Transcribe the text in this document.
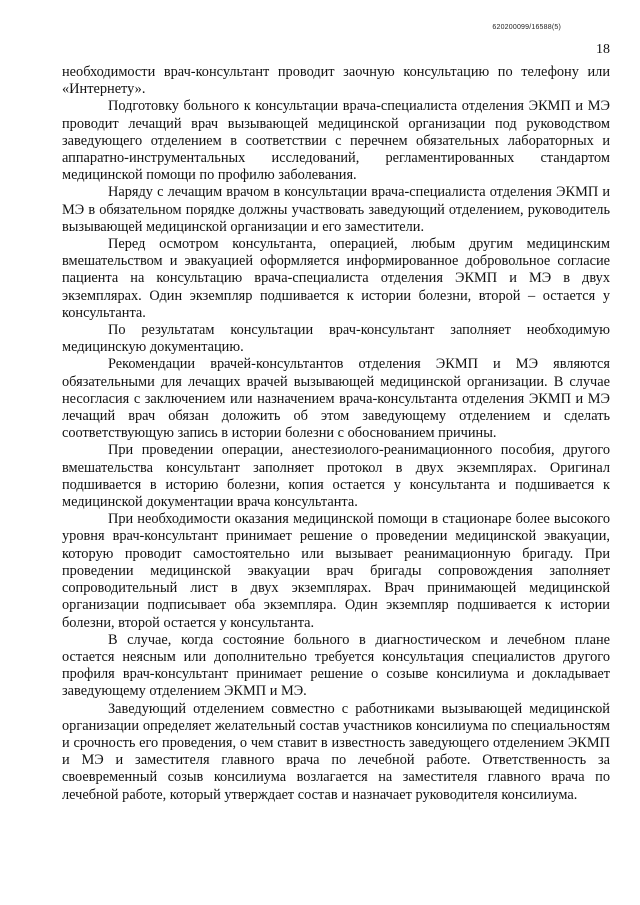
620200099/16588(5)
18

необходимости врач-консультант проводит заочную консультацию по телефону или «Интернету».

Подготовку больного к консультации врача-специалиста отделения ЭКМП и МЭ проводит лечащий врач вызывающей медицинской организации под руководством заведующего отделением в соответствии с перечнем обязательных лабораторных и аппаратно-инструментальных исследований, регламентированных стандартом медицинской помощи по профилю заболевания.

Наряду с лечащим врачом в консультации врача-специалиста отделения ЭКМП и МЭ в обязательном порядке должны участвовать заведующий отделением, руководитель вызывающей медицинской организации и его заместители.

Перед осмотром консультанта, операцией, любым другим медицинским вмешательством и эвакуацией оформляется информированное добровольное согласие пациента на консультацию врача-специалиста отделения ЭКМП и МЭ в двух экземплярах. Один экземпляр подшивается к истории болезни, второй – остается у консультанта.

По результатам консультации врач-консультант заполняет необходимую медицинскую документацию.

Рекомендации врачей-консультантов отделения ЭКМП и МЭ являются обязательными для лечащих врачей вызывающей медицинской организации. В случае несогласия с заключением или назначением врача-консультанта отделения ЭКМП и МЭ лечащий врач обязан доложить об этом заведующему отделением и сделать соответствующую запись в истории болезни с обоснованием причины.

При проведении операции, анестезиолого-реанимационного пособия, другого вмешательства консультант заполняет протокол в двух экземплярах. Оригинал подшивается в историю болезни, копия остается у консультанта и подшивается к медицинской документации врача консультанта.

При необходимости оказания медицинской помощи в стационаре более высокого уровня врач-консультант принимает решение о проведении медицинской эвакуации, которую проводит самостоятельно или вызывает реанимационную бригаду. При проведении медицинской эвакуации врач бригады сопровождения заполняет сопроводительный лист в двух экземплярах. Врач принимающей медицинской организации подписывает оба экземпляра. Один экземпляр подшивается к истории болезни, второй остается у консультанта.

В случае, когда состояние больного в диагностическом и лечебном плане остается неясным или дополнительно требуется консультация специалистов другого профиля врач-консультант принимает решение о созыве консилиума и докладывает заведующему отделением ЭКМП и МЭ.

Заведующий отделением совместно с работниками вызывающей медицинской организации определяет желательный состав участников консилиума по специальностям и срочность его проведения, о чем ставит в известность заведующего отделением ЭКМП и МЭ и заместителя главного врача по лечебной работе. Ответственность за своевременный созыв консилиума возлагается на заместителя главного врача по лечебной работе, который утверждает состав и назначает руководителя консилиума.
